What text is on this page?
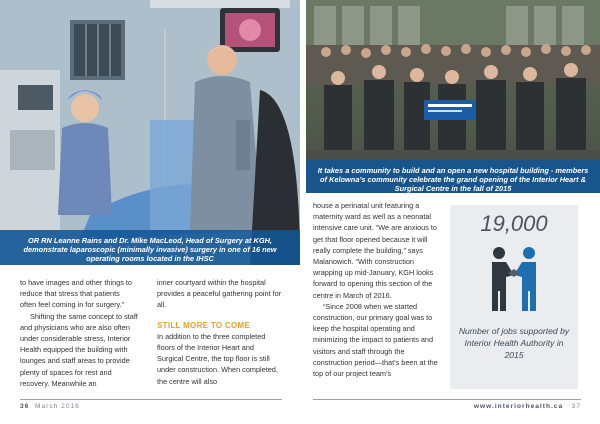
OR RN Leanne Rains and Dr. Mike MacLeod, Head of Surgery at KGH, demonstrate laparoscopic (minimally invasive) surgery in one of 16 new operating rooms located in the IHSC

to have images and other things to reduce that stress that patients often feel coming in for surgery.”

Shifting the same concept to staff and physicians who are also often under considerable stress, Interior Health equipped the building with lounges and staff areas to provide plenty of spaces for rest and recovery. Meanwhile an

inner courtyard within the hospital provides a peaceful gathering point for all.

STILL MORE TO COME

In addition to the three completed floors of the Interior Heart and Surgical Centre, the top floor is still under construction. When completed, the centre will also

36 March 2016
It takes a community to build and an open a new hospital building - members of Kelowna’s community celebrate the grand opening of the Interior Heart & Surgical Centre in the fall of 2015

house a perinatal unit featuring a maternity ward as well as a neonatal intensive care unit. “We are anxious to get that floor opened because it will really complete the building,” says Malanowich. “With construction wrapping up mid-January, KGH looks forward to opening this section of the centre in March of 2016.

“Since 2008 when we started construction, our primary goal was to keep the hospital operating and minimizing the impact to patients and visitors and staff through the construction period—that’s been at the top of our project team’s

www.interiorhealth.ca 37
19,000
Number of jobs supported by Interior Health Authority in 2015
